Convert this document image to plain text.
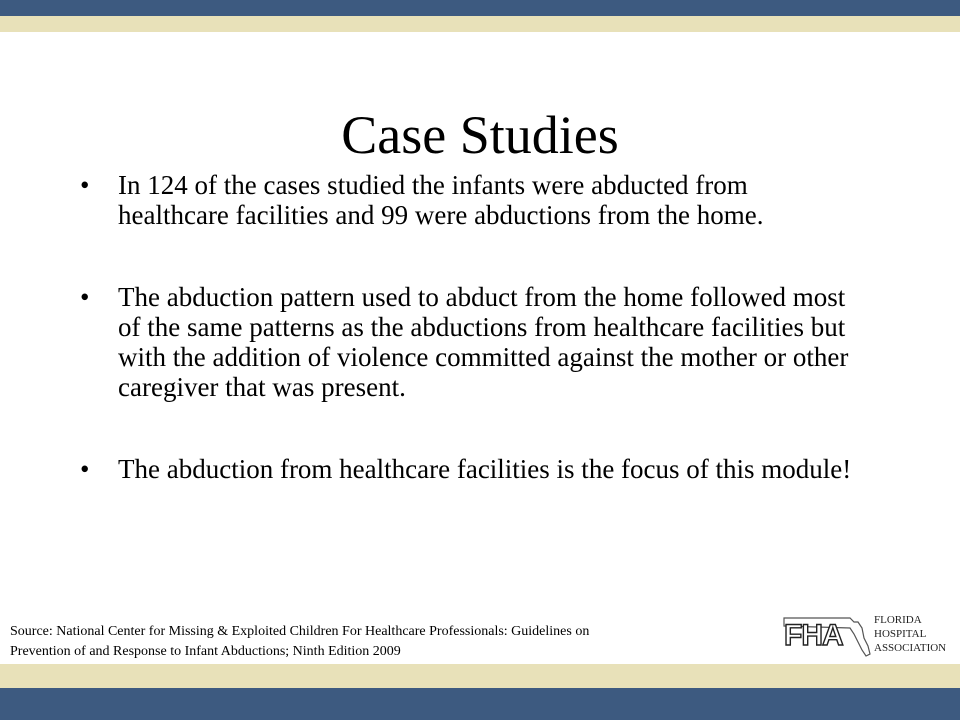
Case Studies
• In 124 of the cases studied the infants were abducted from healthcare facilities and 99 were abductions from the home.
• The abduction pattern used to abduct from the home followed most of the same patterns as the abductions from healthcare facilities but with the addition of violence committed against the mother or other caregiver that was present.
• The abduction from healthcare facilities is the focus of this module!
Source: National Center for Missing & Exploited Children For Healthcare Professionals: Guidelines on
Prevention of and Response to Infant Abductions; Ninth Edition 2009	FHA	FLORIDA
HOSPITAL
ASSOCIATION
